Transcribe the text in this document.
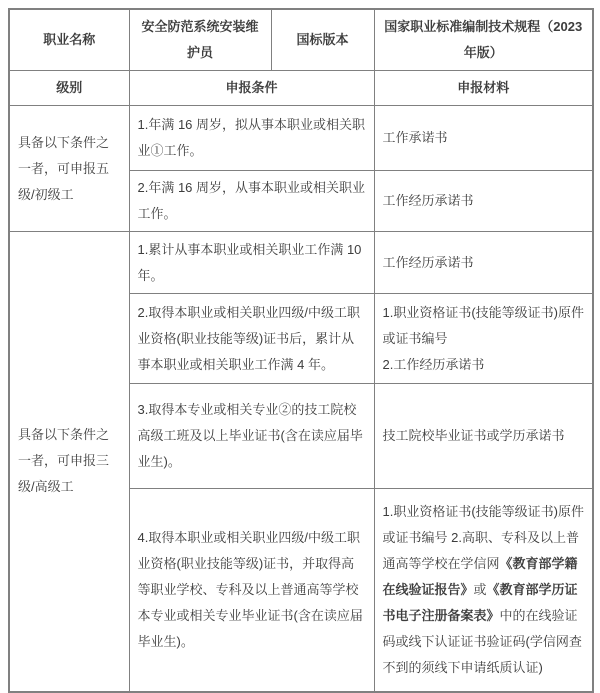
职业名称	安全防范系统安装维护员	国标版本	国家职业标准编制技术规程（2023年版）
级别	申报条件		申报材料
具备以下条件之一者，可申报五级/初级工	1.年满 16 周岁，拟从事本职业或相关职业①工作。		工作承诺书
	2.年满 16 周岁，从事本职业或相关职业工作。		工作经历承诺书
具备以下条件之一者，可申报三级/高级工	1.累计从事本职业或相关职业工作满 10 年。		工作经历承诺书
	2.取得本职业或相关职业四级/中级工职业资格(职业技能等级)证书后，累计从事本职业或相关职业工作满 4 年。		1.职业资格证书(技能等级证书)原件或证书编号
2.工作经历承诺书

	3.取得本专业或相关专业②的技工院校高级工班及以上毕业证书(含在读应届毕业生)。		技工院校毕业证书或学历承诺书
	4.取得本职业或相关职业四级/中级工职业资格(职业技能等级)证书，并取得高等职业学校、专科及以上普通高等学校本专业或相关专业毕业证书(含在读应届毕业生)。		1.职业资格证书(技能等级证书)原件或证书编号 2.高职、专科及以上普通高等学校在学信网《教育部学籍在线验证报告》或《教育部学历证书电子注册备案表》中的在线验证码或线下认证证书验证码(学信网查不到的须线下申请纸质认证)
